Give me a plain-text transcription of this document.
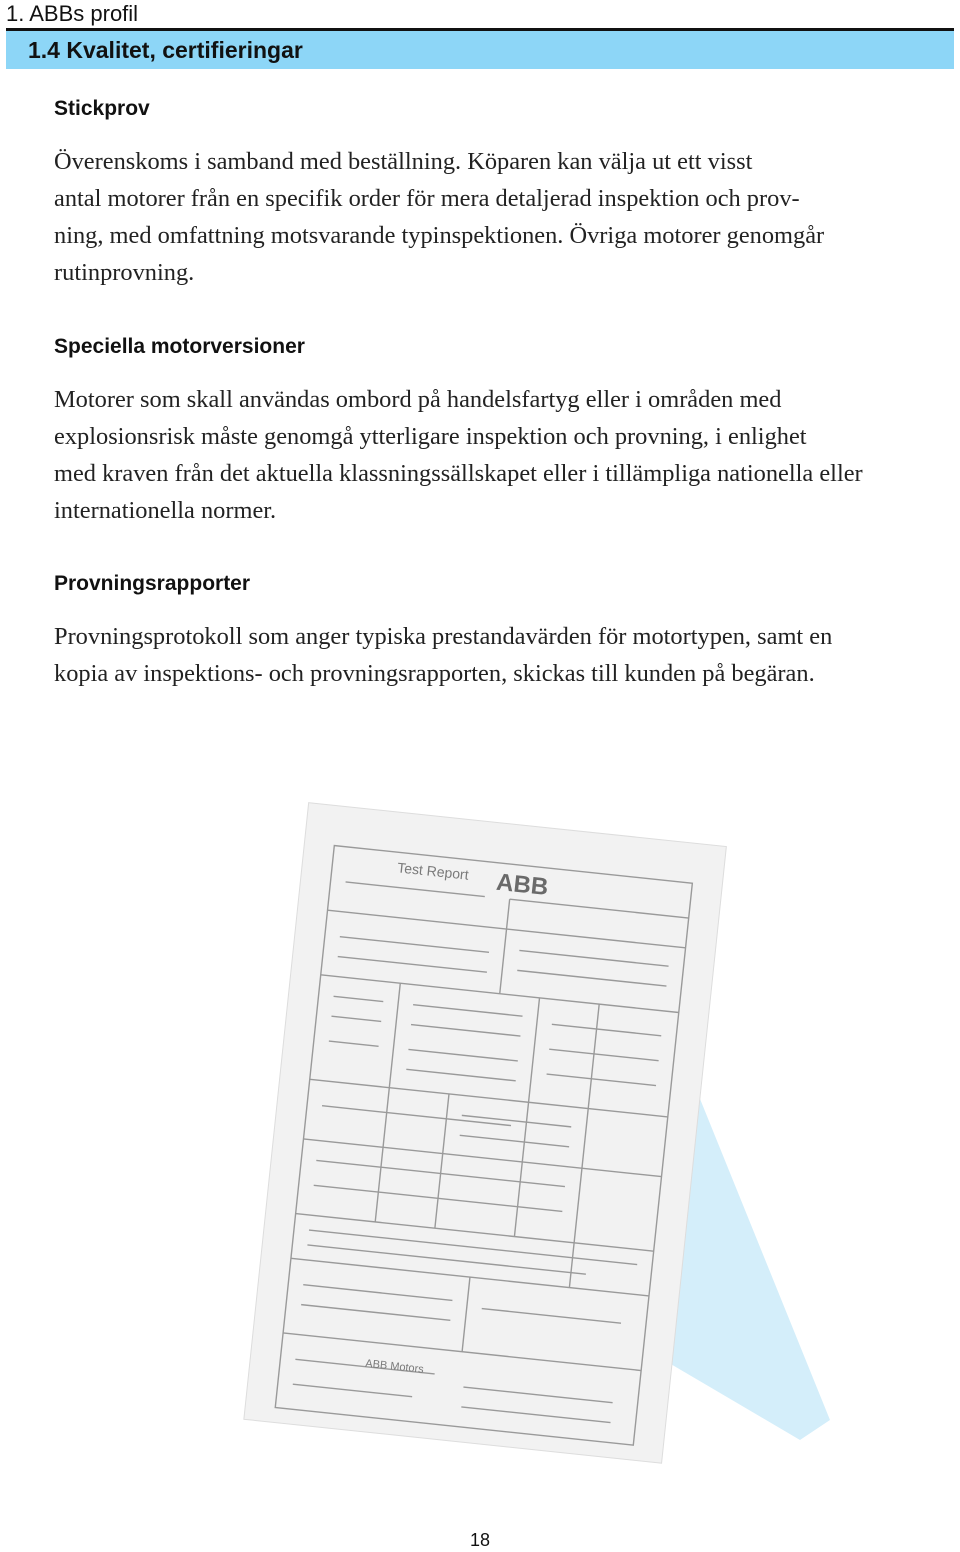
1. ABBs profil
1.4 Kvalitet, certifieringar
Stickprov

Överenskoms i samband med beställning. Köparen kan välja ut ett visst
antal motorer från en specifik order för mera detaljerad inspektion och prov-
ning, med omfattning motsvarande typinspektionen. Övriga motorer genomgår
rutinprovning.

Speciella motorversioner

Motorer som skall användas ombord på handelsfartyg eller i områden med
explosionsrisk måste genomgå ytterligare inspektion och provning, i enlighet
med kraven från det aktuella klassningssällskapet eller i tillämpliga nationella eller
internationella normer.

Provningsrapporter

Provningsprotokoll som anger typiska prestandavärden för motortypen, samt en
kopia av inspektions- och provningsrapporten, skickas till kunden på begäran.

ABB
Test Report
ABB Motors
18
